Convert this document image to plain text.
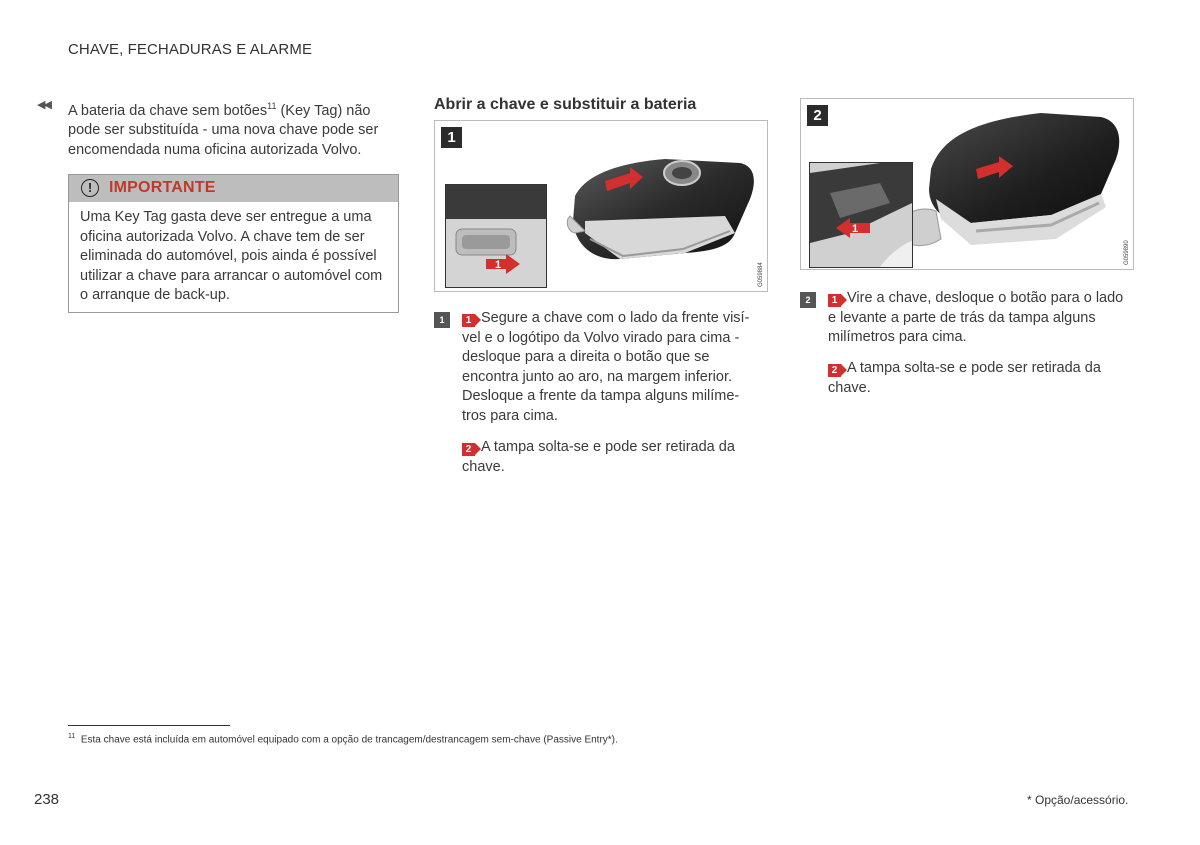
CHAVE, FECHADURAS E ALARME
◀◀ A bateria da chave sem botões$^{11}$ (Key Tag) não pode ser substituída - uma nova chave pode ser encomendada numa oficina autorizada Volvo.
!	IMPORTANTE
Uma Key Tag gasta deve ser entregue a uma oficina autorizada Volvo. A chave tem de ser eliminada do automóvel, pois ainda é possível utilizar a chave para arrancar o automóvel com o arranque de back-up.
Abrir a chave e substituir a bateria
1
1
G059884
1	1 Segure a chave com o lado da frente visí-vel e o logótipo da Volvo virado para cima - desloque para a direita o botão que se encontra junto ao aro, na margem inferior. Desloque a frente da tampa alguns milíme-tros para cima.
2 A tampa solta-se e pode ser retirada da chave.
1
2
G059890
2	1 Vire a chave, desloque o botão para o lado e levante a parte de trás da tampa alguns milímetros para cima.
2 A tampa solta-se e pode ser retirada da chave.
$^{11}$ Esta chave está incluída em automóvel equipado com a opção de trancagem/destrancagem sem-chave (Passive Entry*).
238	* Opção/acessório.
